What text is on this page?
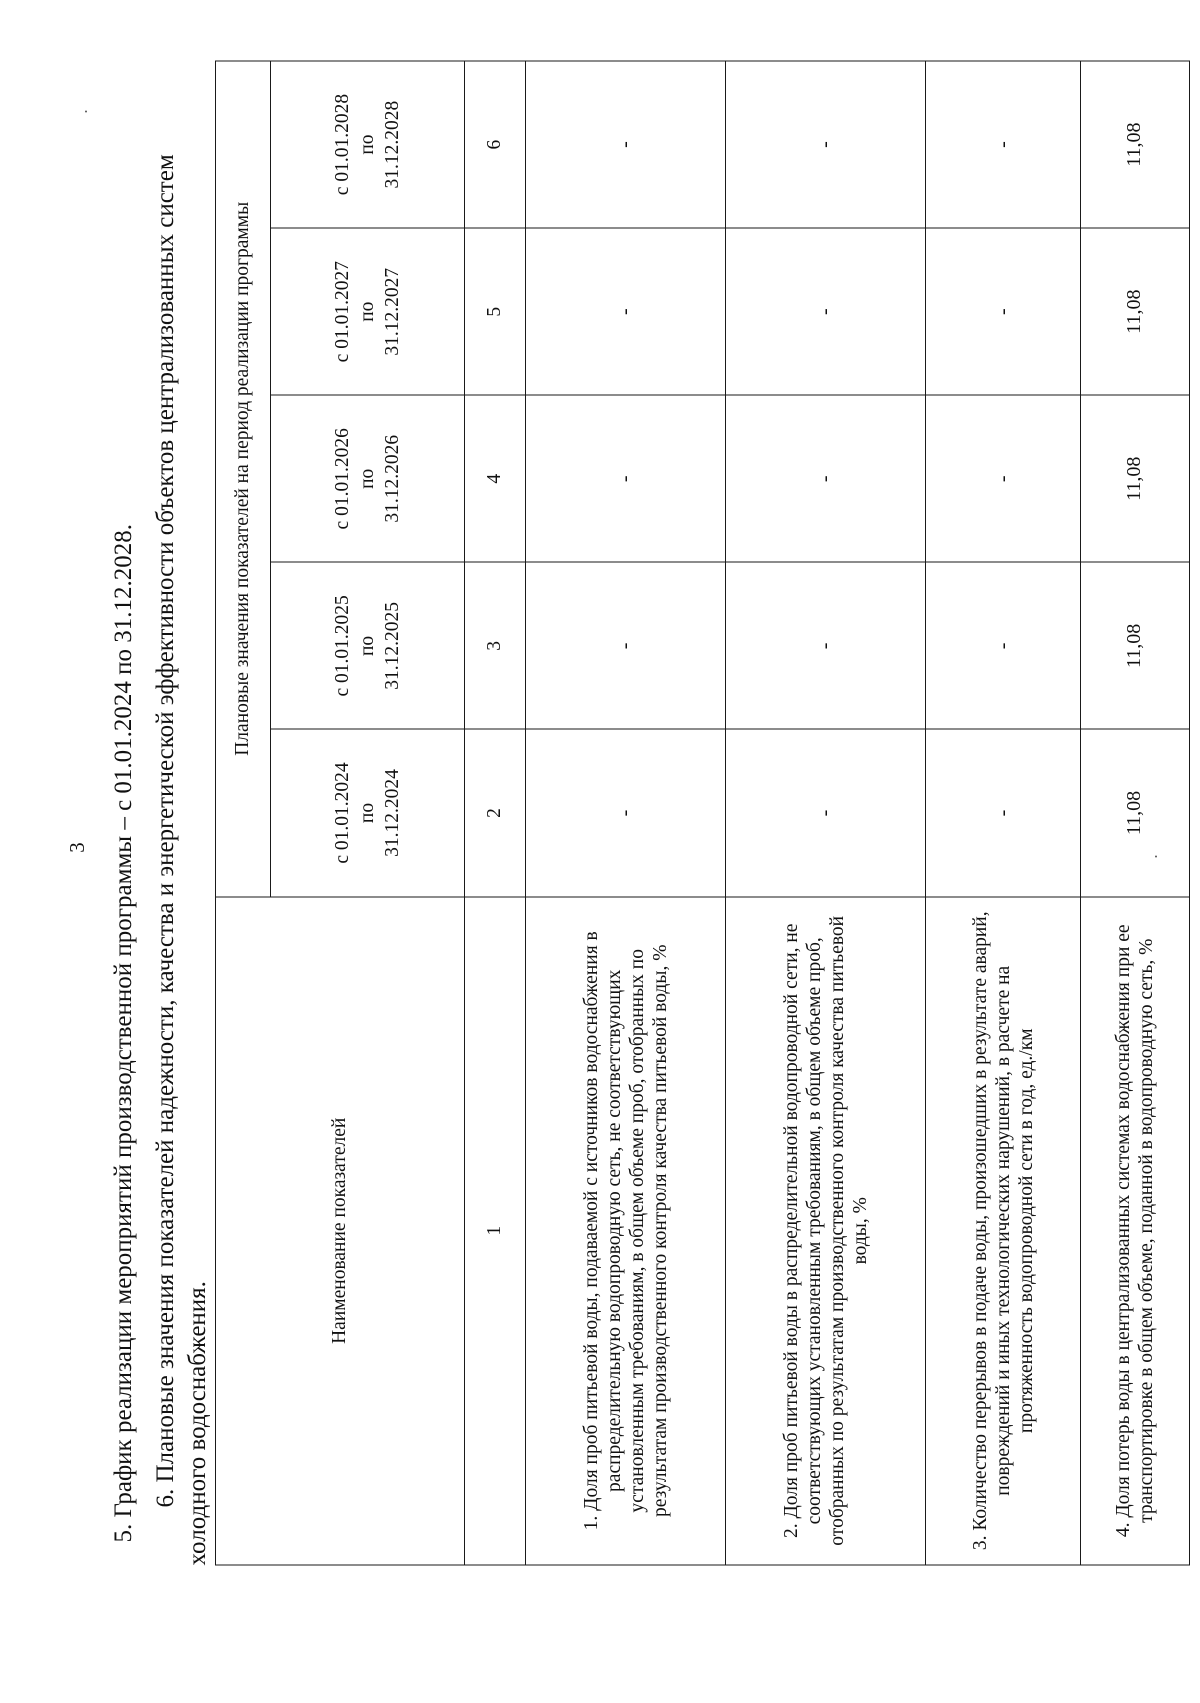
3 5. График реализации мероприятий производственной программы – с 01.01.2024 по 31.12.2028. 6. Плановые значения показателей надежности, качества и энергетической эффективности объектов централизованных систем холодного водоснабжения.

Наименование показателей	Плановые значения показателей на период реализации программы				
	с 01.01.2024 по 31.12.2024	с 01.01.2025 по 31.12.2025	с 01.01.2026 по 31.12.2026	с 01.01.2027 по 31.12.2027	с 01.01.2028 по 31.12.2028
1	2	3	4	5	6
1. Доля проб питьевой воды, подаваемой с источников водоснабжения в распределительную водопроводную сеть, не соответствующих установленным требованиям, в общем объеме проб, отобранных по результатам производственного контроля качества питьевой воды, %	-	-	-	-	-
2. Доля проб питьевой воды в распределительной водопроводной сети, не соответствующих установленным требованиям, в общем объеме проб, отобранных по результатам производственного контроля качества питьевой воды, %	-	-	-	-	-
3. Количество перерывов в подаче воды, произошедших в результате аварий, повреждений и иных технологических нарушений, в расчете на протяженность водопроводной сети в год, ед./км	-	-	-	-	-
4. Доля потерь воды в централизованных системах водоснабжения при ее транспортировке в общем объеме, поданной в водопроводную сеть, %	11,08	11,08	11,08	11,08	11,08
